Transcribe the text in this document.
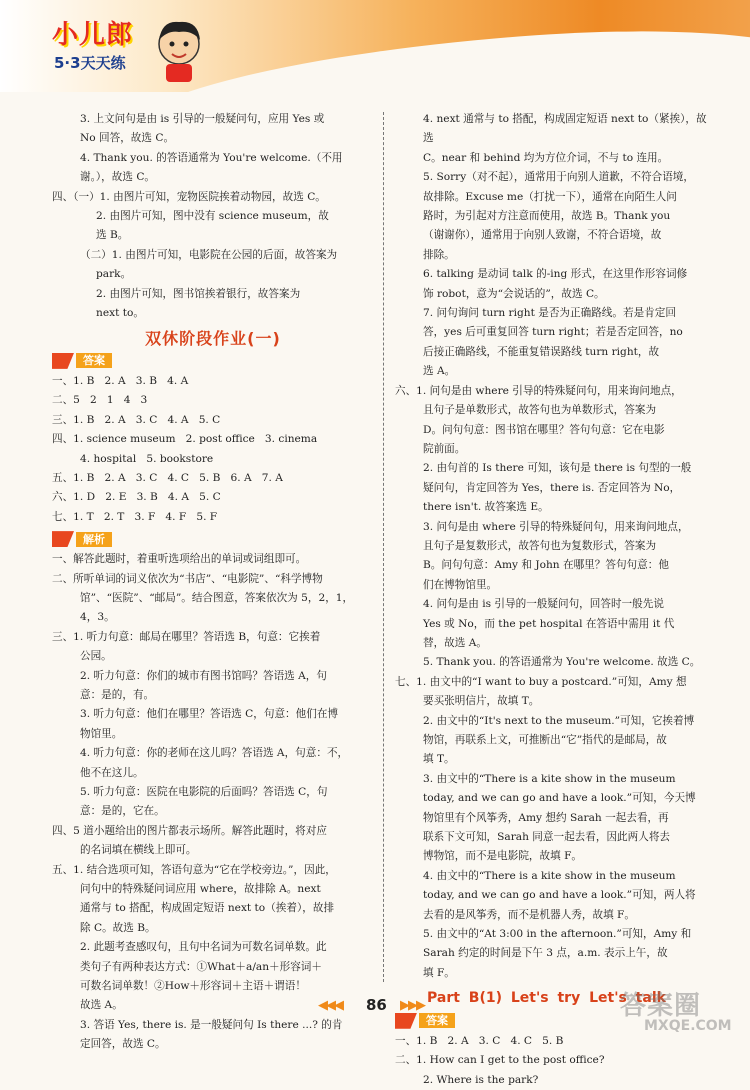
小儿郎
5·3天天练
3. 上文问句是由 is 引导的一般疑问句，应用 Yes 或
No 回答，故选 C。
4. Thank you. 的答语通常为 You're welcome.（不用
谢。），故选 C。
四、（一）1. 由图片可知，宠物医院挨着动物园，故选 C。
2. 由图片可知，图中没有 science museum，故
选 B。
（二）1. 由图片可知，电影院在公园的后面，故答案为
park。
2. 由图片可知，图书馆挨着银行，故答案为
next to。
双休阶段作业(一)
答案
一、1. B   2. A   3. B   4. A
二、5   2   1   4   3
三、1. B   2. A   3. C   4. A   5. C
四、1. science museum   2. post office   3. cinema
4. hospital   5. bookstore
五、1. B   2. A   3. C   4. C   5. B   6. A   7. A
六、1. D   2. E   3. B   4. A   5. C
七、1. T   2. T   3. F   4. F   5. F
解析
一、解答此题时，着重听选项给出的单词或词组即可。
二、所听单词的词义依次为“书店”、“电影院”、“科学博物
馆”、“医院”、“邮局”。结合图意，答案依次为 5，2，1，
4，3。
三、1. 听力句意：邮局在哪里？答语选 B，句意：它挨着
公园。
2. 听力句意：你们的城市有图书馆吗？答语选 A，句
意：是的，有。
3. 听力句意：他们在哪里？答语选 C，句意：他们在博
物馆里。
4. 听力句意：你的老师在这儿吗？答语选 A，句意：不，
他不在这儿。
5. 听力句意：医院在电影院的后面吗？答语选 C，句
意：是的，它在。
四、5 道小题给出的图片都表示场所。解答此题时，将对应
的名词填在横线上即可。
五、1. 结合选项可知，答语句意为“它在学校旁边。”，因此，
问句中的特殊疑问词应用 where，故排除 A。next
通常与 to 搭配，构成固定短语 next to（挨着），故排
除 C。故选 B。
2. 此题考查感叹句，且句中名词为可数名词单数。此
类句子有两种表达方式：①What＋a/an＋形容词＋
可数名词单数！②How＋形容词＋主语＋谓语！
故选 A。
3. 答语 Yes, there is. 是一般疑问句 Is there ...? 的肯
定回答，故选 C。
4. next 通常与 to 搭配，构成固定短语 next to（紧挨），故选
C。near 和 behind 均为方位介词，不与 to 连用。
5. Sorry（对不起），通常用于向别人道歉，不符合语境，
故排除。Excuse me（打扰一下），通常在向陌生人问
路时，为引起对方注意而使用，故选 B。Thank you
（谢谢你），通常用于向别人致谢，不符合语境，故
排除。
6. talking 是动词 talk 的-ing 形式，在这里作形容词修
饰 robot，意为“会说话的”，故选 C。
7. 问句询问 turn right 是否为正确路线。若是肯定回
答，yes 后可重复回答 turn right；若是否定回答，no
后接正确路线，不能重复错误路线 turn right，故
选 A。
六、1. 问句是由 where 引导的特殊疑问句，用来询问地点，
且句子是单数形式，故答句也为单数形式，答案为
D。问句句意：图书馆在哪里？答句句意：它在电影
院前面。
2. 由句首的 Is there 可知，该句是 there is 句型的一般
疑问句，肯定回答为 Yes，there is. 否定回答为 No，
there isn't. 故答案选 E。
3. 问句是由 where 引导的特殊疑问句，用来询问地点，
且句子是复数形式，故答句也为复数形式，答案为
B。问句句意：Amy 和 John 在哪里？答句句意：他
们在博物馆里。
4. 问句是由 is 引导的一般疑问句，回答时一般先说
Yes 或 No，而 the pet hospital 在答语中需用 it 代
替，故选 A。
5. Thank you. 的答语通常为 You're welcome. 故选 C。
七、1. 由文中的“I want to buy a postcard.”可知，Amy 想
要买张明信片，故填 T。
2. 由文中的“It's next to the museum.”可知，它挨着博
物馆，再联系上文，可推断出“它”指代的是邮局，故
填 T。
3. 由文中的“There is a kite show in the museum
today, and we can go and have a look.”可知，今天博
物馆里有个风筝秀，Amy 想约 Sarah 一起去看，再
联系下文可知，Sarah 同意一起去看，因此两人将去
博物馆，而不是电影院，故填 F。
4. 由文中的“There is a kite show in the museum
today, and we can go and have a look.”可知，两人将
去看的是风筝秀，而不是机器人秀，故填 F。
5. 由文中的“At 3:00 in the afternoon.”可知，Amy 和
Sarah 约定的时间是下午 3 点，a.m. 表示上午，故
填 F。
Part B(1) Let's try Let's talk
答案
一、1. B   2. A   3. C   4. C   5. B
二、1. How can I get to the post office?
2. Where is the park?
◀◀◀ 86 ▶▶▶	答案圈
MXQE.COM
